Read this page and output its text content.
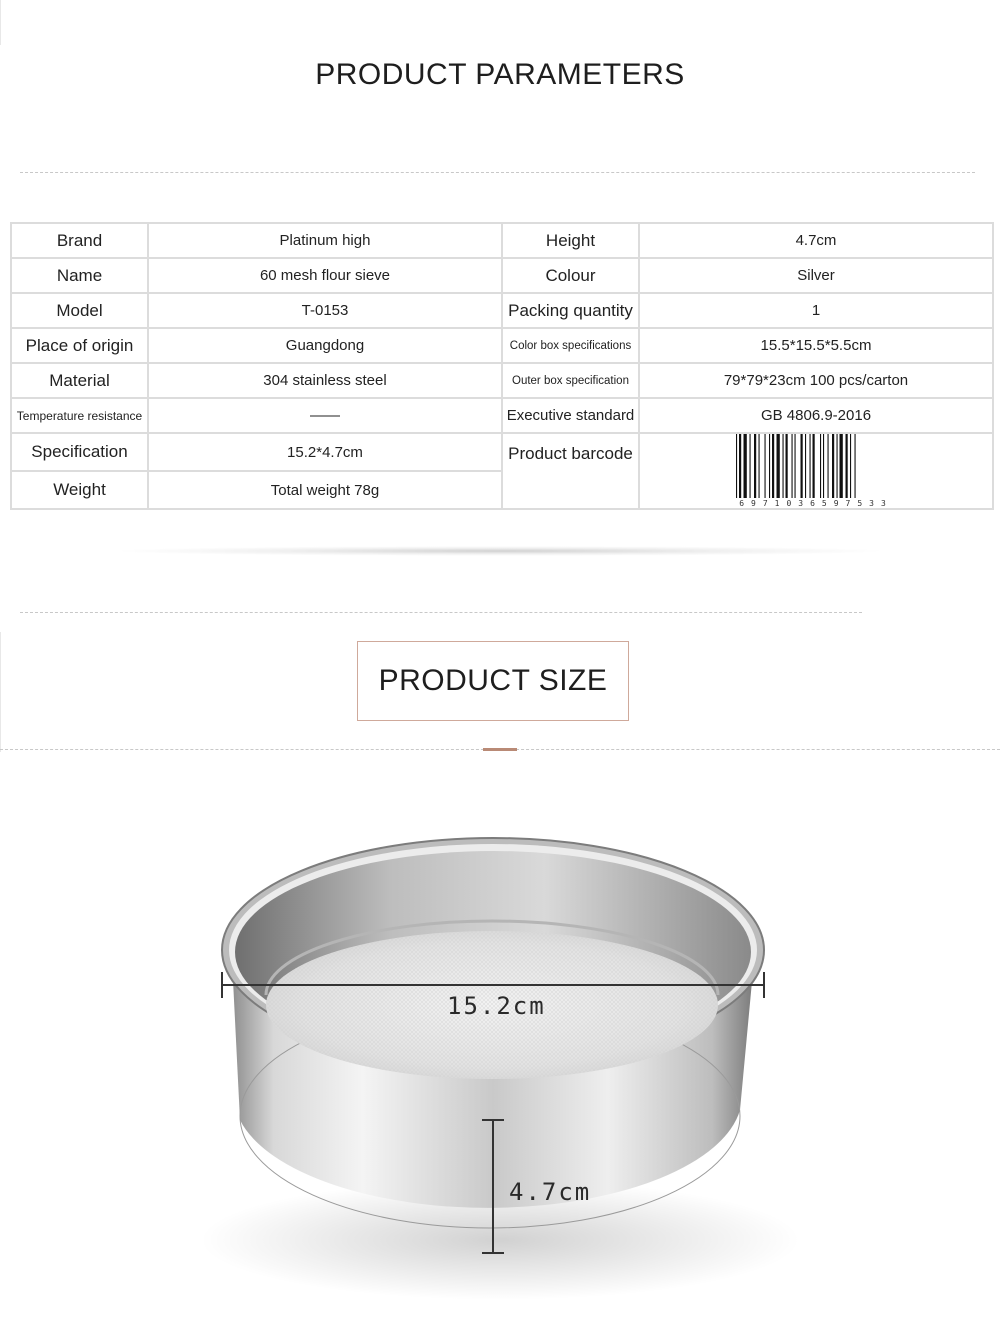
PRODUCT PARAMETERS
Brand	Platinum high	Height	4.7cm
Name	60 mesh flour sieve	Colour	Silver
Model	T-0153	Packing quantity	1
Place of origin	Guangdong	Color box specifications	15.5*15.5*5.5cm
Material	304 stainless steel	Outer box specification	79*79*23cm 100 pcs/carton
Temperature resistance	——	Executive standard	GB 4806.9-2016
Specification	15.2*4.7cm	Product barcode	6971036597533

Weight	Total weight 78g		
PRODUCT SIZE
15.2cm
4.7cm
